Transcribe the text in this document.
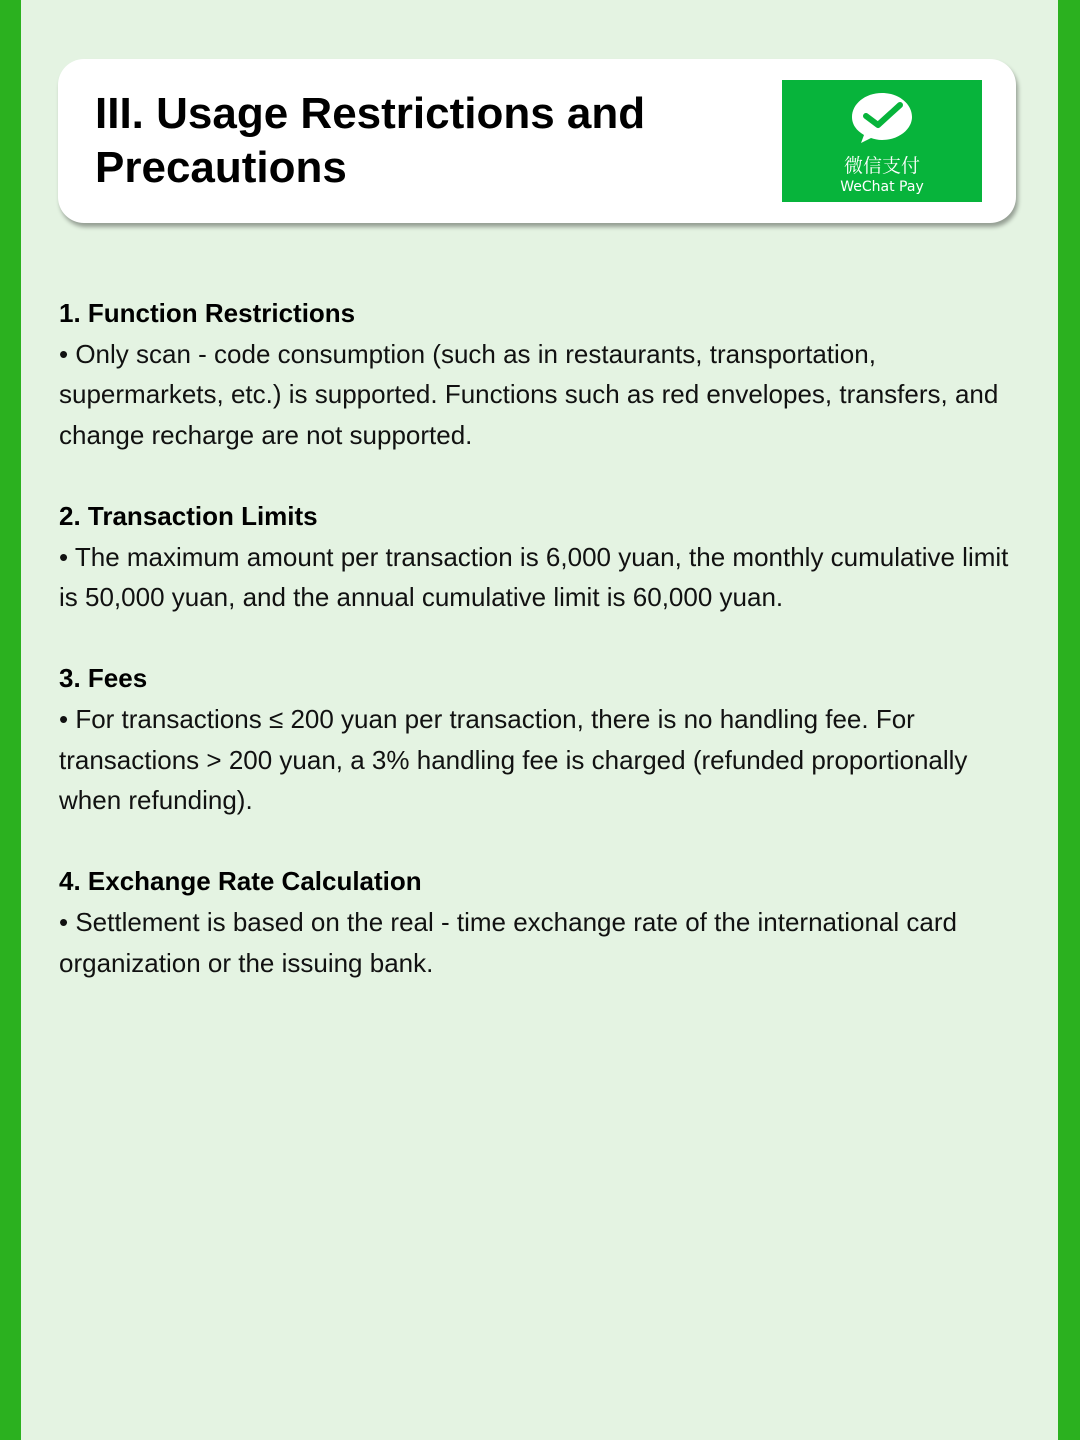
III. Usage Restrictions and Precautions	微信支付
WeChat Pay
1. Function Restrictions
• Only scan - code consumption (such as in restaurants, transportation, supermarkets, etc.) is supported. Functions such as red envelopes, transfers, and change recharge are not supported.
2. Transaction Limits
• The maximum amount per transaction is 6,000 yuan, the monthly cumulative limit is 50,000 yuan, and the annual cumulative limit is 60,000 yuan.
3. Fees
• For transactions ≤ 200 yuan per transaction, there is no handling fee. For transactions > 200 yuan, a 3% handling fee is charged (refunded proportionally when refunding).
4. Exchange Rate Calculation
• Settlement is based on the real - time exchange rate of the international card organization or the issuing bank.
